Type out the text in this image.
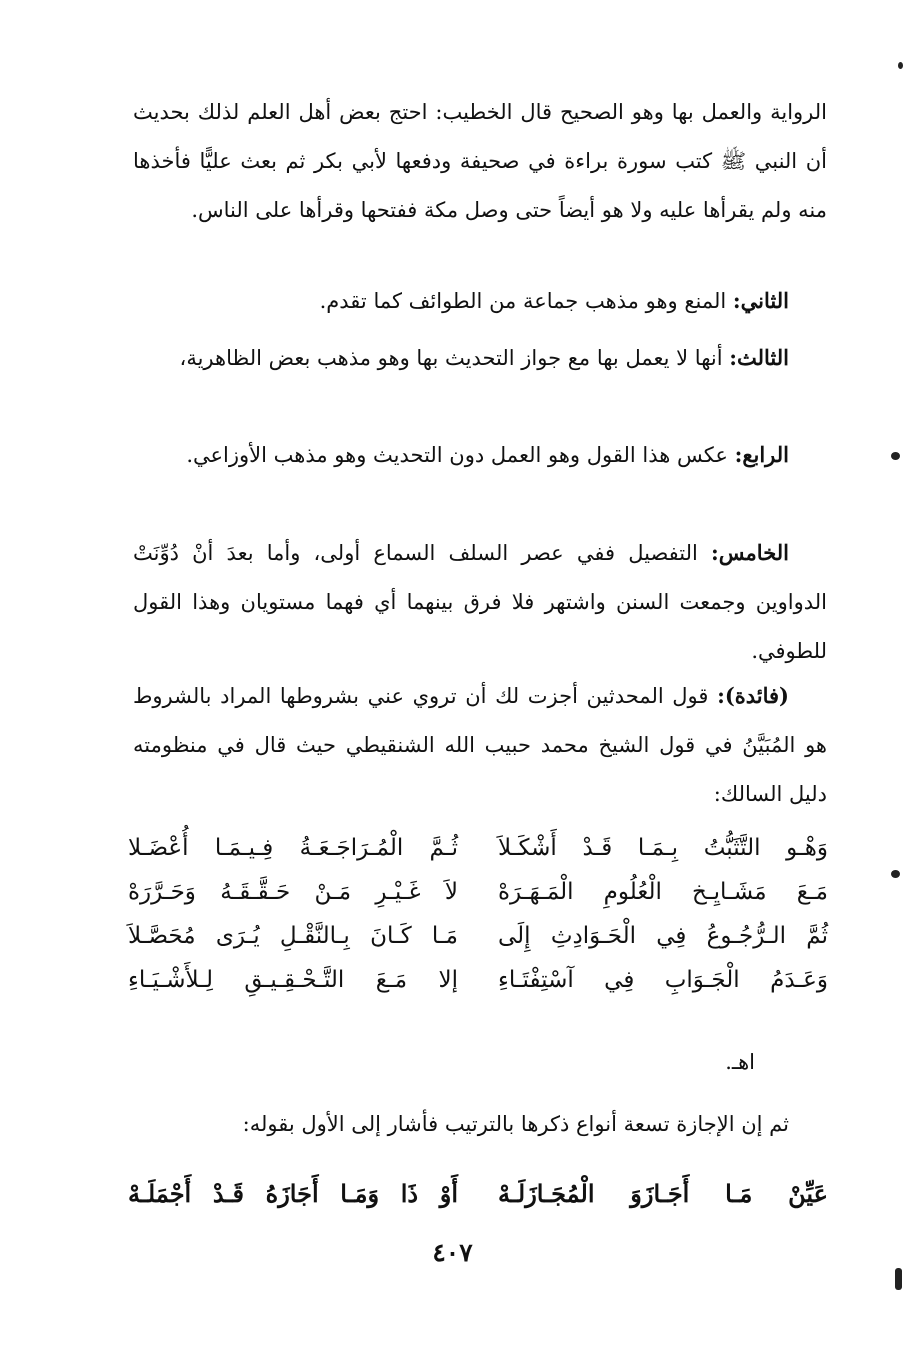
الرواية والعمل بها وهو الصحيح قال الخطيب: احتج بعض أهل العلم لذلك بحديث أن النبي ﷺ كتب سورة براءة في صحيفة ودفعها لأبي بكر ثم بعث عليًّا فأخذها منه ولم يقرأها عليه ولا هو أيضاً حتى وصل مكة ففتحها وقرأها على الناس.

الثاني: المنع وهو مذهب جماعة من الطوائف كما تقدم.

الثالث: أنها لا يعمل بها مع جواز التحديث بها وهو مذهب بعض الظاهرية،

الرابع: عكس هذا القول وهو العمل دون التحديث وهو مذهب الأوزاعي.

الخامس: التفصيل ففي عصر السلف السماع أولى، وأما بعدَ أنْ دُوِّنَتْ الدواوين وجمعت السنن واشتهر فلا فرق بينهما أي فهما مستويان وهذا القول للطوفي.

(فائدة): قول المحدثين أجزت لك أن تروي عني بشروطها المراد بالشروط هو المُبَيَّنُ في قول الشيخ محمد حبيب الله الشنقيطي حيث قال في منظومته دليل السالك:

وَهْـو التَّثَبُّتُ بِـمَـا قَـدْ أَشْكَـلاَ
ثُـمَّ الْمُـرَاجَـعَـةُ فِـيـمَـا أُعْضَـلا
مَـعَ مَشَـايِـخ الْعُلُومِ الْمَـهَـرَهْ
لاَ غَـيْـرِ مَـنْ حَـقَّـقَـهُ وَحَـرَّرَهْ
ثُمَّ الـرُّجُـوعُ فِي الْحَـوَادِثِ إِلَى
مَـا كَـانَ بِـالنَّقْـلِ يُـرَى مُحَصَّـلاَ
وَعَـدَمُ الْجَـوَابِ فِي آسْتِفْتَـاءِ
إلا مَـعَ التَّـحْـقِـيـقِ لِـلأَشْـيَـاءِ
اهـ.

ثم إن الإجازة تسعة أنواع ذكرها بالترتيب فأشار إلى الأول بقوله:

عَيِّنْ مَـا أَجَـازَوَ الْمُجَـازَلَـهْ
أَوْ ذَا وَمَـا أَجَازَهُ قَـدْ أَجْمَلَـهْ
٤٠٧
